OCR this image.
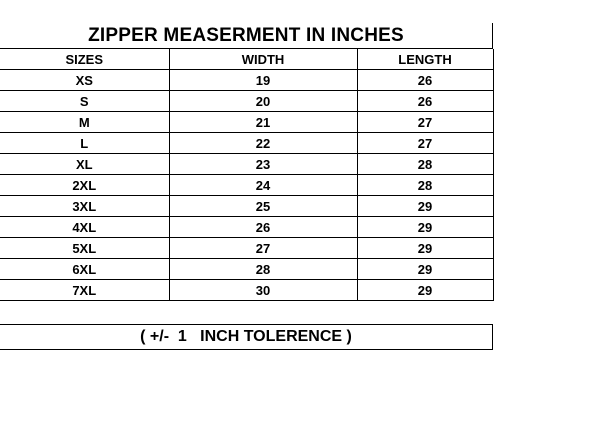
ZIPPER MEASERMENT IN INCHES
SIZES	WIDTH	LENGTH
XS	19	26
S	20	26
M	21	27
L	22	27
XL	23	28
2XL	24	28
3XL	25	29
4XL	26	29
5XL	27	29
6XL	28	29
7XL	30	29
( +/-  1   INCH TOLERENCE )
